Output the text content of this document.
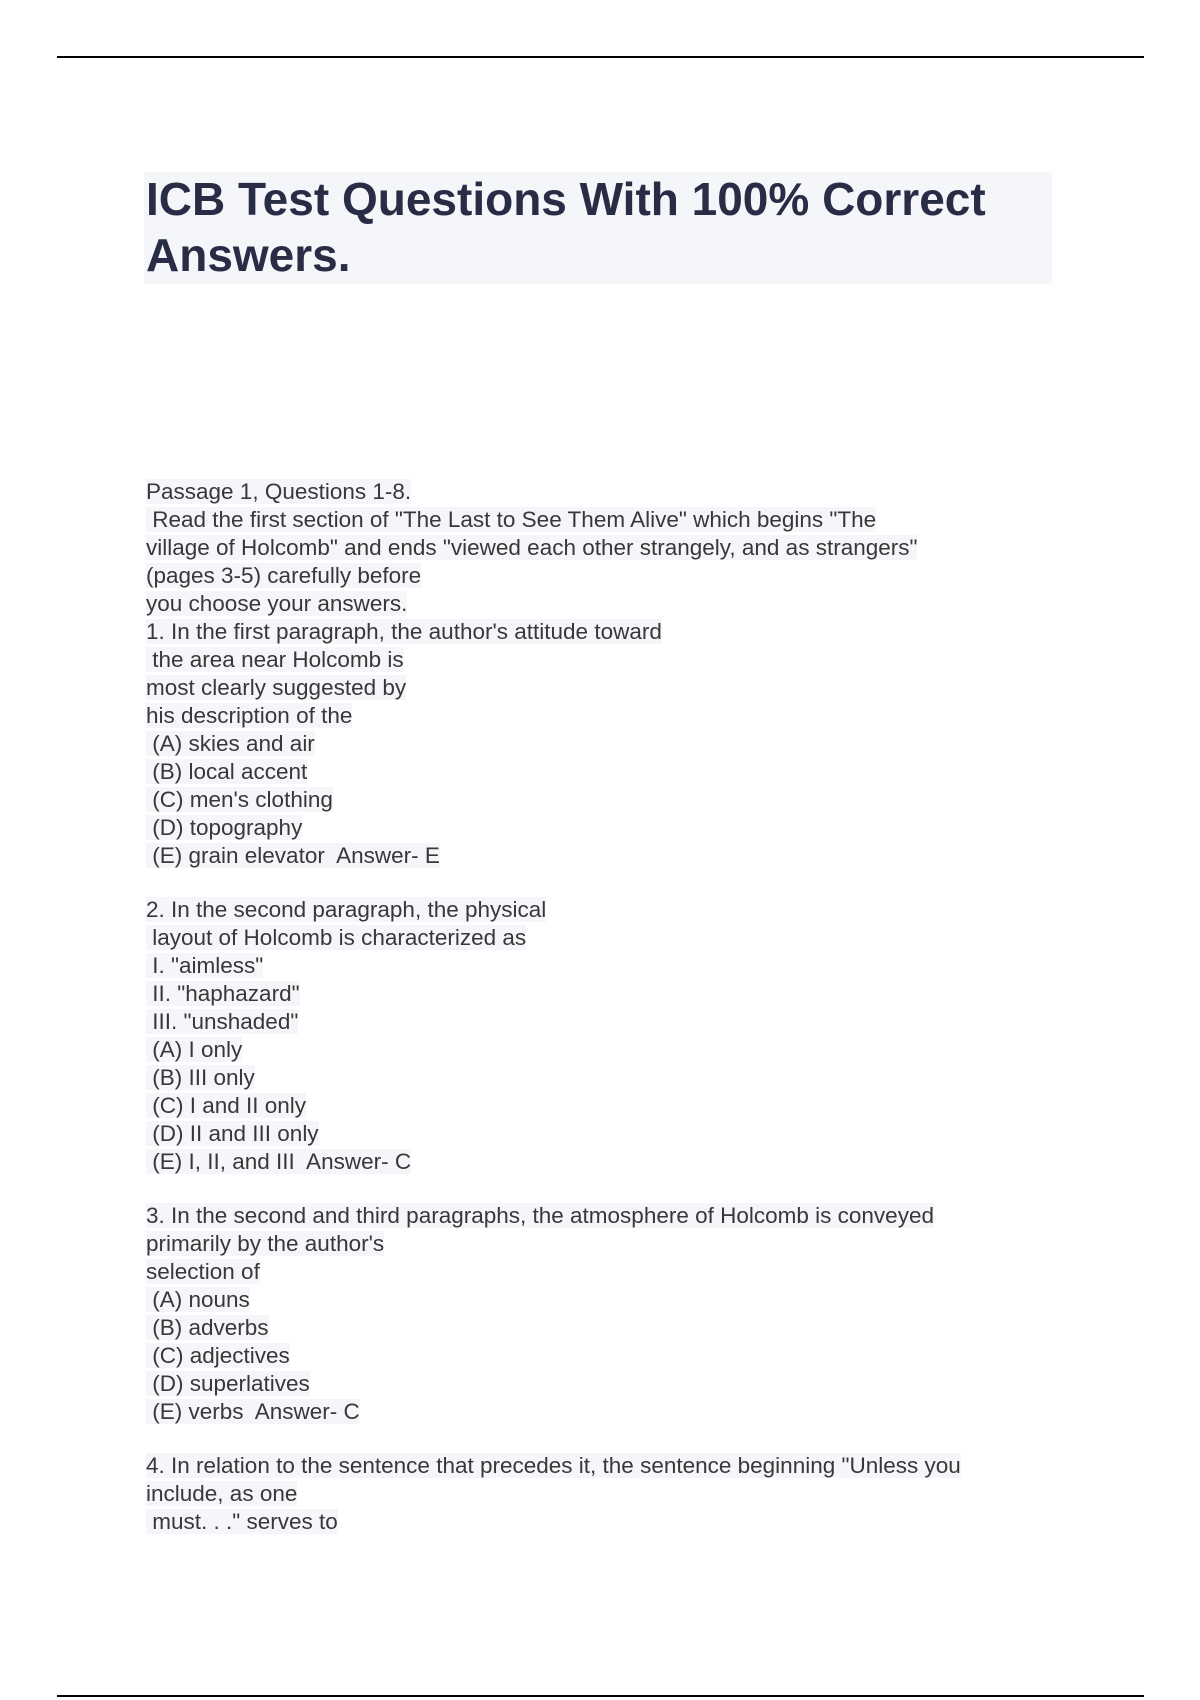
ICB Test Questions With 100% Correct
Answers.
Passage 1, Questions 1-8.
Read the first section of "The Last to See Them Alive" which begins "The
village of Holcomb" and ends "viewed each other strangely, and as strangers"
(pages 3-5) carefully before
you choose your answers.
1. In the first paragraph, the author's attitude toward
the area near Holcomb is
most clearly suggested by
his description of the
(A) skies and air
(B) local accent
(C) men's clothing
(D) topography
(E) grain elevator  Answer- E
2. In the second paragraph, the physical
layout of Holcomb is characterized as
I. "aimless"
II. "haphazard"
III. "unshaded"
(A) I only
(B) III only
(C) I and II only
(D) II and III only
(E) I, II, and III  Answer- C
3. In the second and third paragraphs, the atmosphere of Holcomb is conveyed
primarily by the author's
selection of
(A) nouns
(B) adverbs
(C) adjectives
(D) superlatives
(E) verbs  Answer- C
4. In relation to the sentence that precedes it, the sentence beginning "Unless you
include, as one
must. . ." serves to
